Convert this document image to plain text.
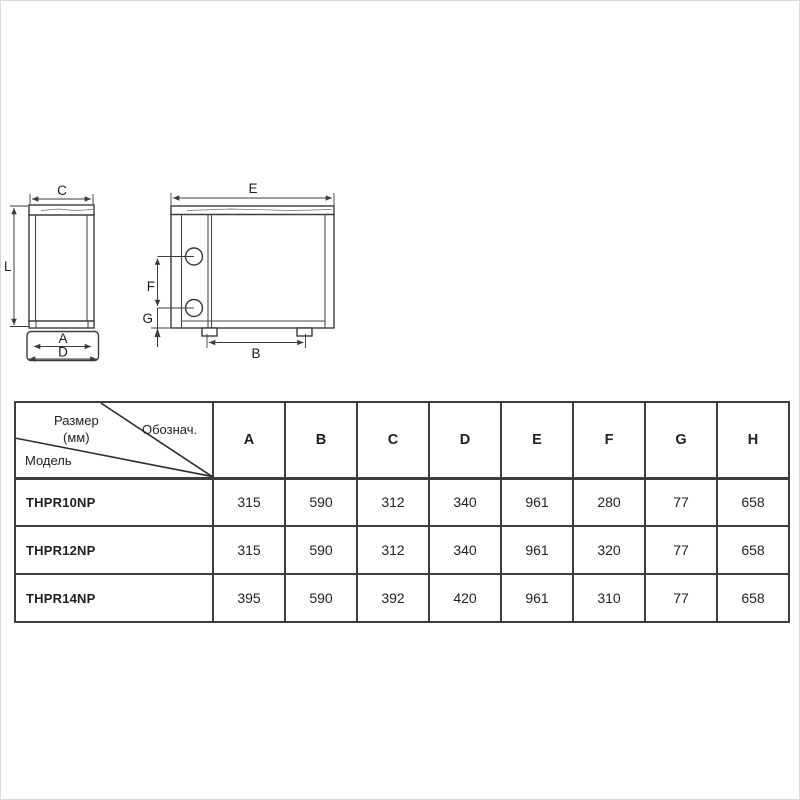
C
L
A
D
E
F
G
B
Размер
(мм)
Обознач.
Модель	A	B	C	D	E	F	G	H
THPR10NP	315	590	312	340	961	280	77	658
THPR12NP	315	590	312	340	961	320	77	658
THPR14NP	395	590	392	420	961	310	77	658
